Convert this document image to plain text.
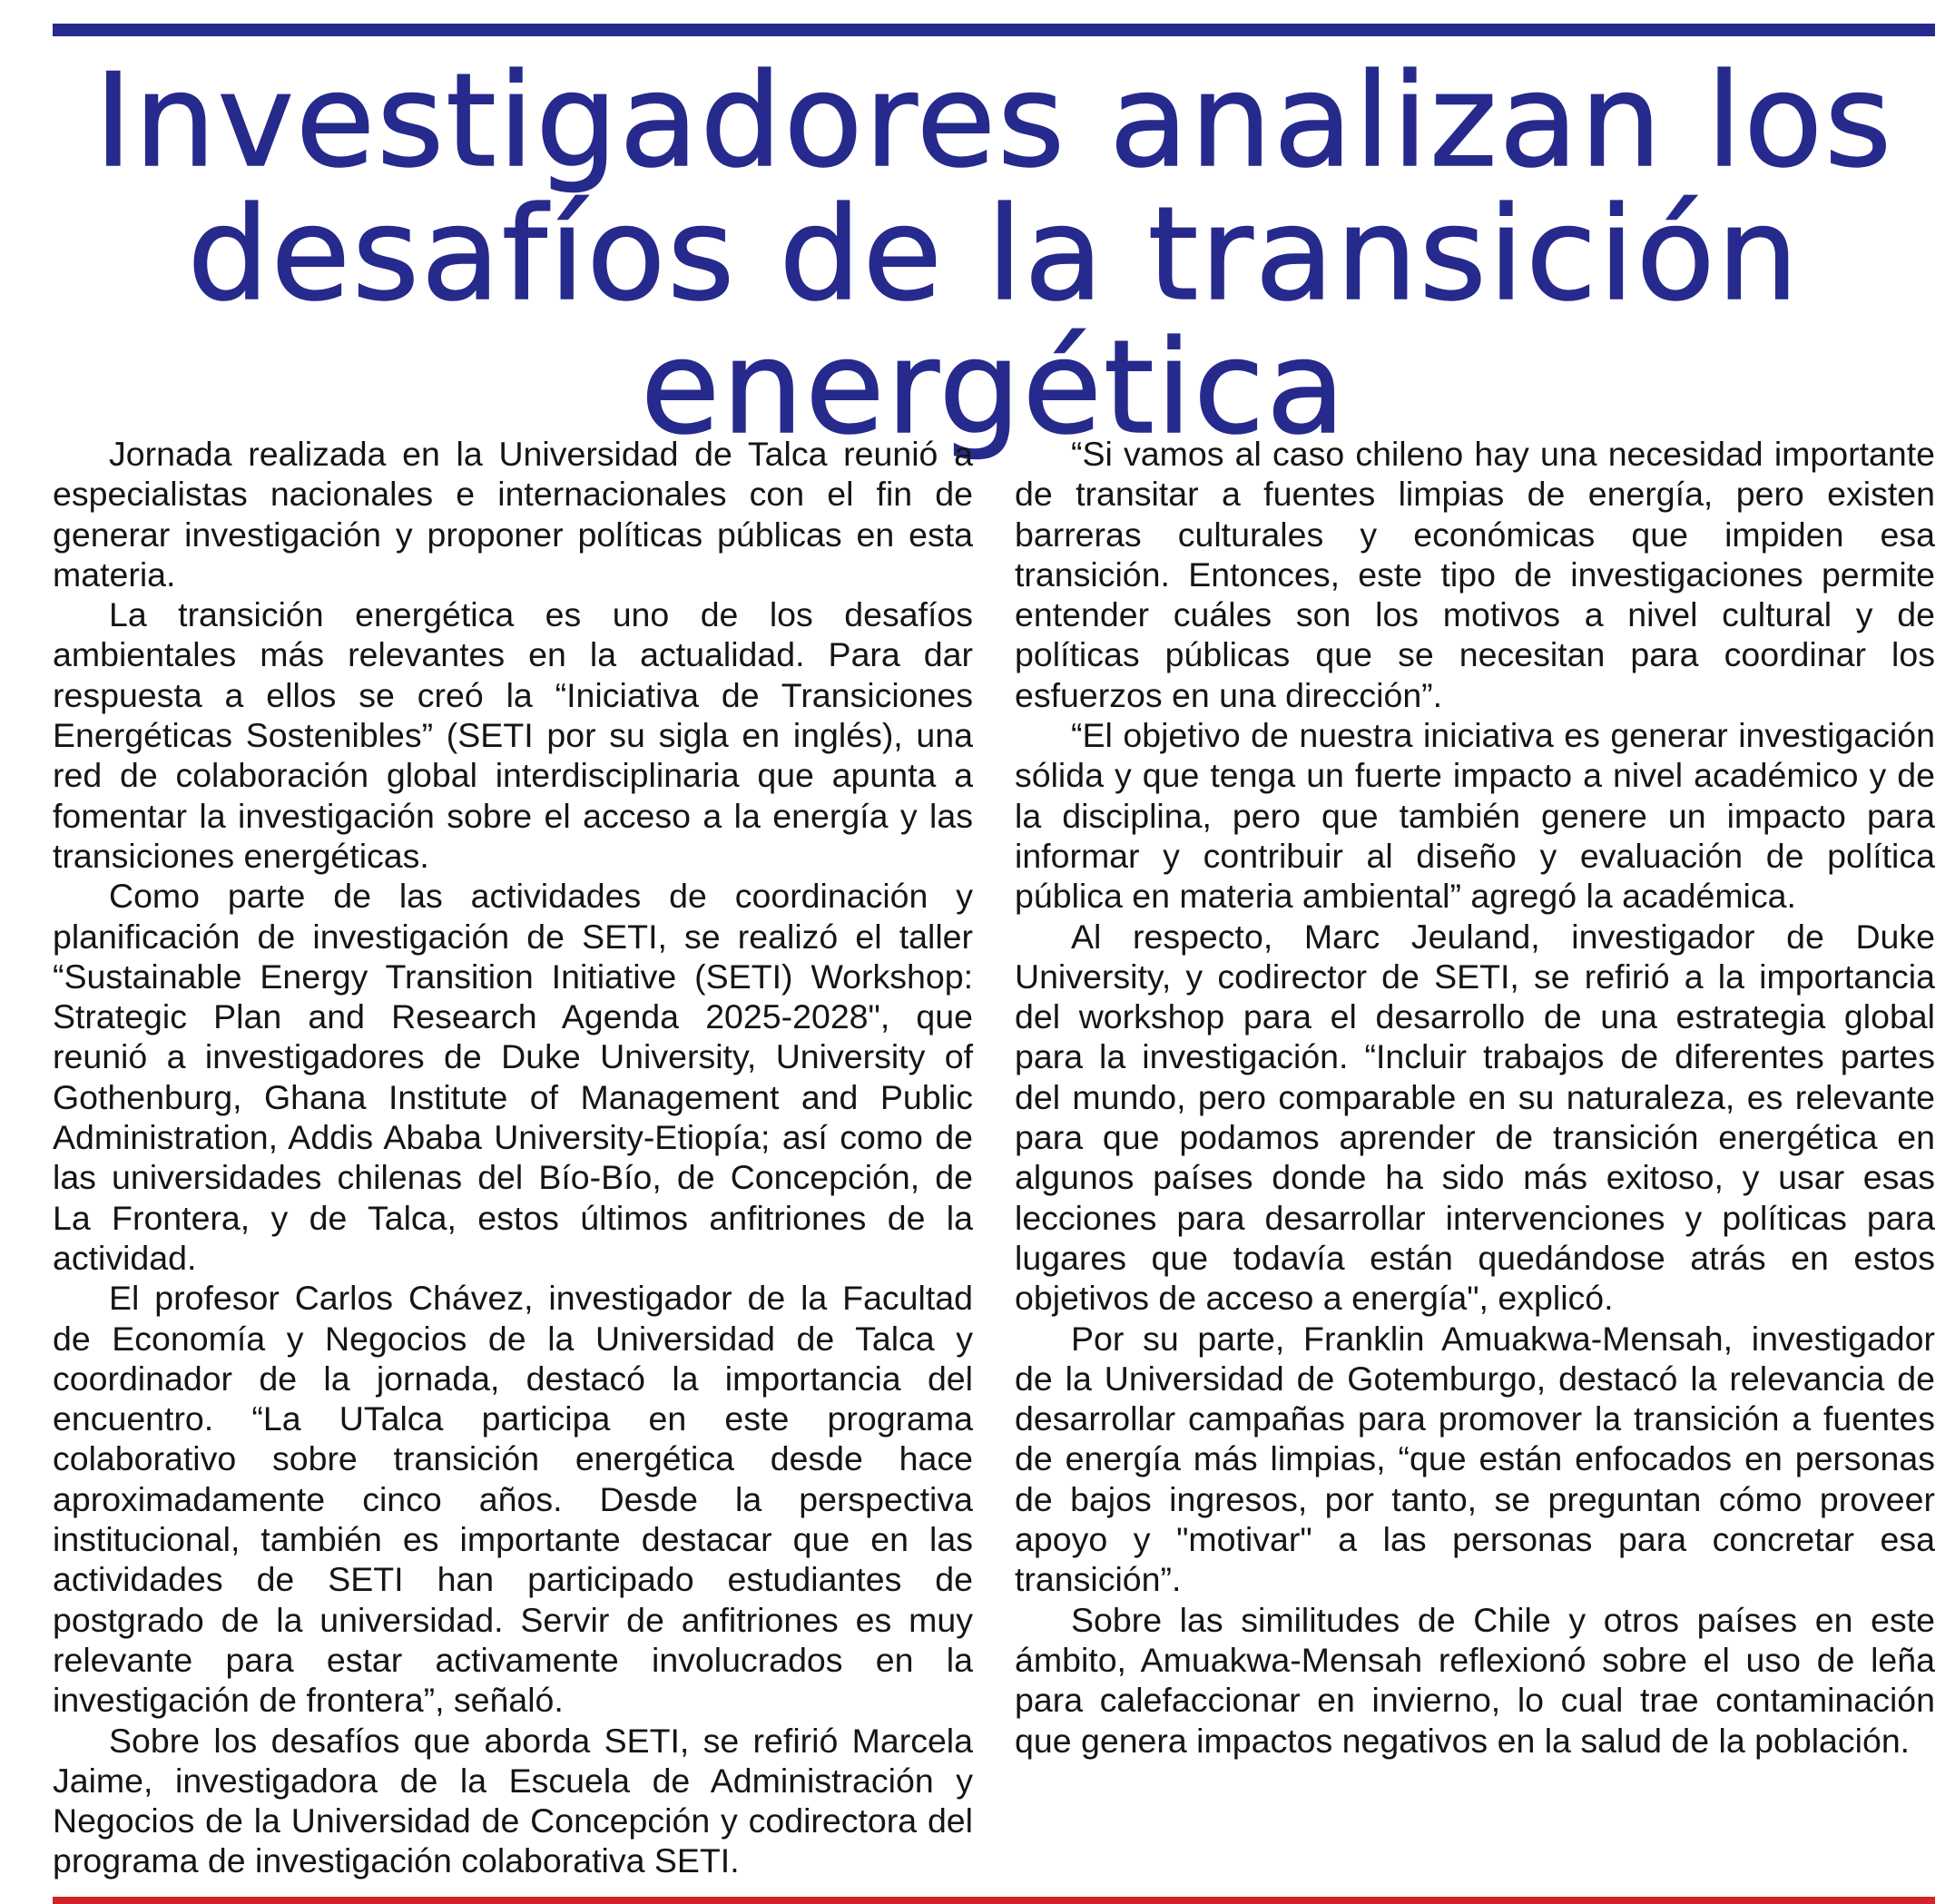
Investigadores analizan los
desafíos de la transición
energética

Jornada realizada en la Universidad de Talca reunió a especialistas nacionales e internacionales con el fin de generar investigación y proponer políticas públicas en esta materia.

La transición energética es uno de los desafíos ambientales más relevantes en la actualidad. Para dar respuesta a ellos se creó la “Iniciativa de Transiciones Energéticas Sostenibles” (SETI por su sigla en inglés), una red de colaboración global interdisciplinaria que apunta a fomentar la investigación sobre el acceso a la energía y las transiciones energéticas.

Como parte de las actividades de coordinación y planificación de investigación de SETI, se realizó el taller “Sustainable Energy Transition Initiative (SETI) Workshop: Strategic Plan and Research Agenda 2025-2028", que reunió a investigadores de Duke University, University of Gothenburg, Ghana Institute of Management and Public Administration, Addis Ababa University-Etiopía; así como de las universidades chilenas del Bío-Bío, de Concepción, de La Frontera, y de Talca, estos últimos anfitriones de la actividad.

El profesor Carlos Chávez, investigador de la Facultad de Economía y Negocios de la Universidad de Talca y coordinador de la jornada, destacó la importancia del encuentro. “La UTalca participa en este programa colaborativo sobre transición energética desde hace aproximadamente cinco años. Desde la perspectiva institucional, también es importante destacar que en las actividades de SETI han participado estudiantes de postgrado de la universidad. Servir de anfitriones es muy relevante para estar activamente involucrados en la investigación de frontera”, señaló.

Sobre los desafíos que aborda SETI, se refirió Marcela Jaime, investigadora de la Escuela de Administración y Negocios de la Universidad de Concepción y codirectora del programa de investigación colaborativa SETI.

“Si vamos al caso chileno hay una necesidad importante de transitar a fuentes limpias de energía, pero existen barreras culturales y económicas que impiden esa transición. Entonces, este tipo de investigaciones permite entender cuáles son los motivos a nivel cultural y de políticas públicas que se necesitan para coordinar los esfuerzos en una dirección”.

“El objetivo de nuestra iniciativa es generar investigación sólida y que tenga un fuerte impacto a nivel académico y de la disciplina, pero que también genere un impacto para informar y contribuir al diseño y evaluación de política pública en materia ambiental” agregó la académica.

Al respecto, Marc Jeuland, investigador de Duke University, y codirector de SETI, se refirió a la importancia del workshop para el desarrollo de una estrategia global para la investigación. “Incluir trabajos de diferentes partes del mundo, pero comparable en su naturaleza, es relevante para que podamos aprender de transición energética en algunos países donde ha sido más exitoso, y usar esas lecciones para desarrollar intervenciones y políticas para lugares que todavía están quedándose atrás en estos objetivos de acceso a energía", explicó.

Por su parte, Franklin Amuakwa-Mensah, investigador de la Universidad de Gotemburgo, destacó la relevancia de desarrollar campañas para promover la transición a fuentes de energía más limpias, “que están enfocados en personas de bajos ingresos, por tanto, se preguntan cómo proveer apoyo y "motivar" a las personas para concretar esa transición”.

Sobre las similitudes de Chile y otros países en este ámbito, Amuakwa-Mensah reflexionó sobre el uso de leña para calefaccionar en invierno, lo cual trae contaminación que genera impactos negativos en la salud de la población.
